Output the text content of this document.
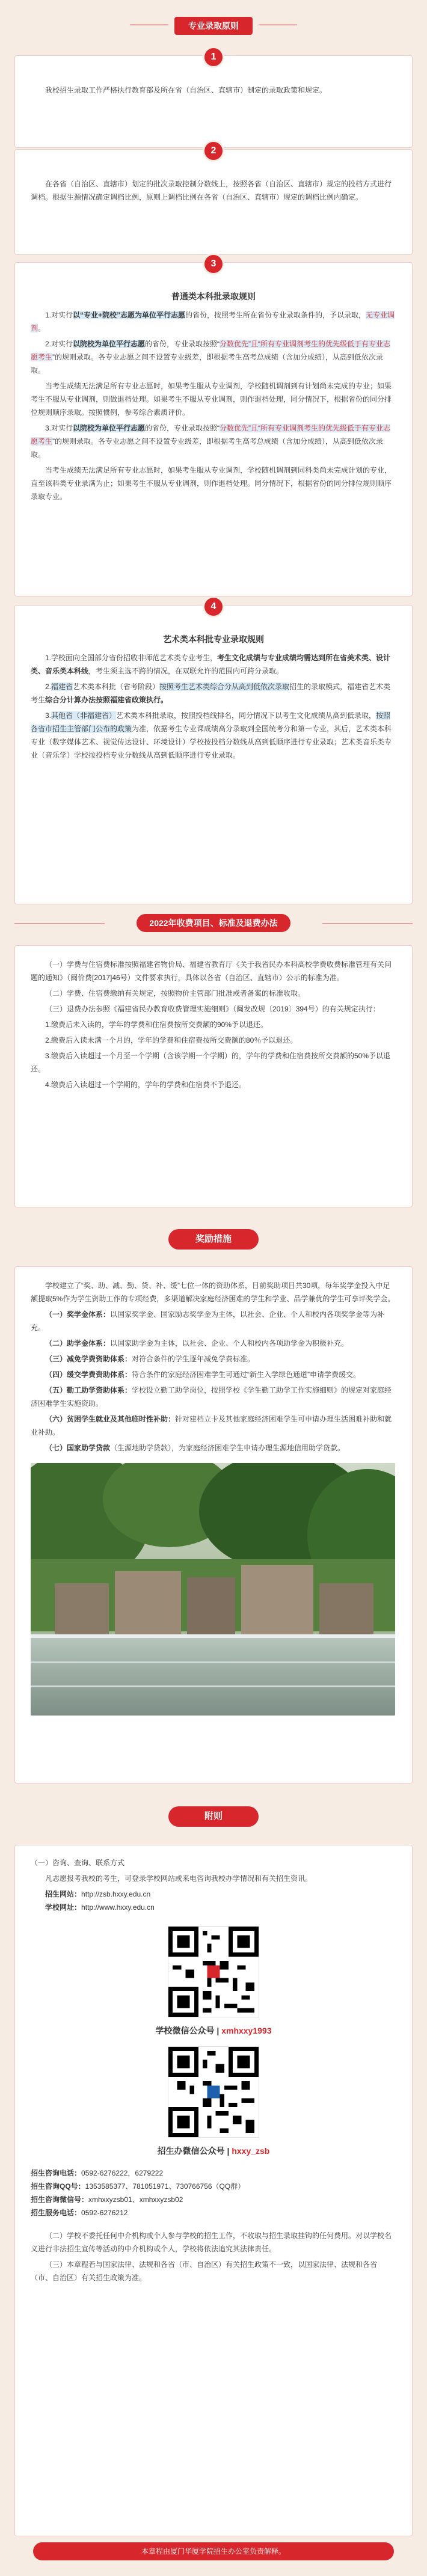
专业录取原则
1

我校招生录取工作严格执行教育部及所在省（自治区、直辖市）制定的录取政策和规定。

2

在各省（自治区、直辖市）划定的批次录取控制分数线上，按照各省（自治区、直辖市）规定的投档方式进行调档。根据生源情况确定调档比例，原则上调档比例在各省（自治区、直辖市）规定的调档比例内确定。

3

普通类本科批录取规则

1.对实行以“专业+院校”志愿为单位平行志愿的省份，按照考生所在省份专业录取条件的，予以录取，无专业调剂。

2.对实行以院校为单位平行志愿的省份，专业录取按照“分数优先”且“所有专业调剂考生的优先级低于有专业志愿考生”的规则录取。各专业志愿之间不设置专业级差，即根据考生高考总成绩（含加分成绩），从高到低依次录取。

当考生成绩无法满足所有专业志愿时，如果考生服从专业调剂，学校随机调剂到有计划尚未完成的专业；如果考生不服从专业调剂，则做退档处理。如果考生不服从专业调剂，则作退档处理，同分情况下，根据省份的同分排位规则顺序录取。按照惯例，参考综合素质评价。

3.对实行以院校为单位平行志愿的省份，专业录取按照“分数优先”且“所有专业调剂考生的优先级低于有专业志愿考生”的规则录取。各专业志愿之间不设置专业级差，即根据考生高考总成绩（含加分成绩），从高到低依次录取。

当考生成绩无法满足所有专业志愿时，如果考生服从专业调剂，学校随机调剂到同科类尚未完成计划的专业，直至该科类专业录满为止；如果考生不服从专业调剂，则作退档处理。同分情况下，根据省份的同分排位规则顺序录取专业。

4

艺术类本科批专业录取规则

1.学校面向全国部分省份招收非师范艺术类专业考生，考生文化成绩与专业成绩均需达到所在省美术类、设计类、音乐类本科线，考生须主选不跨的情况，在双联允许的范围内可跨分录取。

2.福建省艺术类本科批（省考阶段）按照考生艺术类综合分从高到低依次录取招生的录取模式，福建省艺术类考生综合分计算办法按照福建省政策执行。

3.其他省（非福建省）艺术类本科批录取，按照投档线排名，同分情况下以考生文化成绩从高到低录取，按照各省市招生主管部门公布的政策为准，依据考生专业课成绩高分录取到全国统考分和第一专业，其后，艺术类本科专业（数字媒体艺术、视觉传达设计、环境设计）学校按投档分数线从高到低顺序进行专业录取；艺术类音乐类专业（音乐学）学校按投档专业分数线从高到低顺序进行专业录取。

2022年收费项目、标准及退费办法

（一）学费与住宿费标准按照福建省物价局、福建省教育厅《关于我省民办本科高校学费收费标准管理有关问题的通知》（闽价费[2017]46号）文件要求执行，具体以各省（自治区、直辖市）公示的标准为准。

（二）学费、住宿费缴纳有关规定，按照物价主管部门批准或者备案的标准收取。

（三）退费办法参照《福建省民办教育收费管理实施细则》（闽发改规〔2019〕394号）的有关规定执行：

1.缴费后未入读的，学年的学费和住宿费按所交费额的90%予以退还。

2.缴费后入读未满一个月的，学年的学费和住宿费按所交费额的80％予以退还。

3.缴费后入读超过一个月至一个学期（含该学期一个学期）的，学年的学费和住宿费按所交费额的50%予以退还。

4.缴费后入读超过一个学期的，学年的学费和住宿费不予退还。

奖励措施

学校建立了“奖、助、减、勤、贷、补、缓”七位一体的资助体系，目前奖助项目共30项，每年奖学金投入中足额提取5%作为学生资助工作的专项经费，多渠道解决家庭经济困难的学生和学业、品学兼优的学生可享评奖学金。

（一）奖学金体系：以国家奖学金、国家励志奖学金为主体，以社会、企业、个人和校内各项奖学金等为补充。

（二）助学金体系：以国家助学金为主体，以社会、企业、个人和校内各项助学金为积极补充。

（三）减免学费资助体系：对符合条件的学生逐年减免学费标准。

（四）缓交学费资助体系：符合条件的家庭经济困难学生可通过“新生入学绿色通道”申请学费缓交。

（五）勤工助学资助体系：学校设立勤工助学岗位，按照学校《学生勤工助学工作实施细则》的规定对家庭经济困难学生实施资助。

（六）贫困学生就业及其他临时性补助：针对建档立卡及其他家庭经济困难学生可申请办理生活困难补助和就业补助。

（七）国家助学贷款（生源地助学贷款），为家庭经济困难学生申请办理生源地信用助学贷款。

附则

（一）咨询、查询、联系方式

凡志愿报考我校的考生，可登录学校网站或来电咨询我校办学情况和有关招生资讯。

招生网站：http://zsb.hxxy.edu.cn

学校网址：http://www.hxxy.edu.cn

学校微信公众号 | xmhxxy1993

招生办微信公众号 | hxxy_zsb

招生咨询电话：0592-6276222，6279222

招生咨询QQ号：1353585377、781051971、730766756（QQ群）

招生咨询微信号：xmhxxyzsb01、xmhxxyzsb02

招生服务电话：0592-6276212

（二）学校不委托任何中介机构或个人参与学校的招生工作，不收取与招生录取挂钩的任何费用。对以学校名义进行非法招生宣传等活动的中介机构或个人，学校将依法追究其法律责任。

（三）本章程若与国家法律、法规和各省（市、自治区）有关招生政策不一致，以国家法律、法规和各省（市、自治区）有关招生政策为准。

本章程由厦门华厦学院招生办公室负责解释。
